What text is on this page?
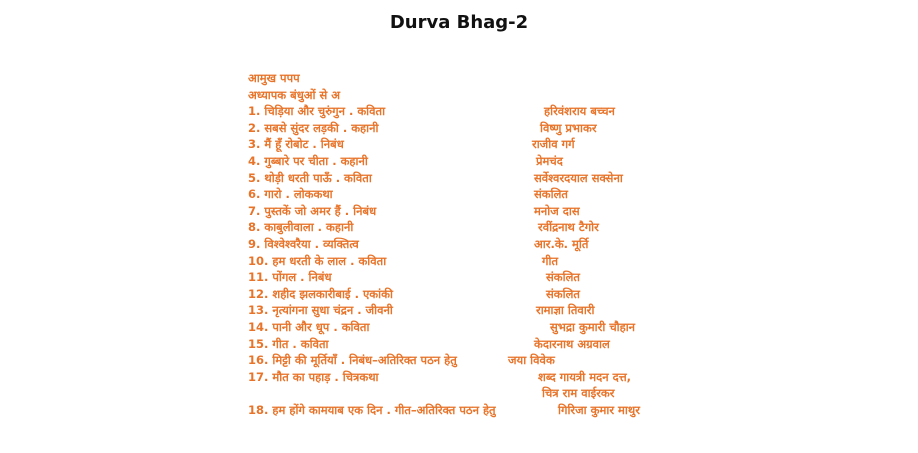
Durva Bhag-2
आमुख पपप
अध्यापक बंधुओं से अ
1. चिड़िया और चुरुंगुन . कविता	हरिवंशराय बच्चन
2. सबसे सुंदर लड़की . कहानी	विष्णु प्रभाकर
3. मैं हूँ रोबोट . निबंध	राजीव गर्ग
4. गुब्बारे पर चीता . कहानी	प्रेमचंद
5. थोड़ी धरती पाऊँ . कविता	सर्वेश्वरदयाल सक्सेना
6. गारो . लोककथा	संकलित
7. पुस्तकें जो अमर हैं . निबंध	मनोज दास
8. काबुलीवाला . कहानी	रवींद्रनाथ टैगोर
9. विश्वेश्वरैया . व्यक्तित्व	आर.के. मूर्ति
10. हम धरती के लाल . कविता	गीत
11. पोंगल . निबंध	संकलित
12. शहीद झलकारीबाई . एकांकी	संकलित
13. नृत्यांगना सुधा चंद्रन . जीवनी	रामाज्ञा तिवारी
14. पानी और धूप . कविता	सुभद्रा कुमारी चौहान
15. गीत . कविता	केदारनाथ अग्रवाल
16. मिट्टी की मूर्तियाँ . निबंध–अतिरिक्त पठन हेतु	जया विवेक
17. मौत का पहाड़ . चित्रकथा	शब्द गायत्री मदन दत्त,
चित्र राम वाईरकर
18. हम होंगे कामयाब एक दिन . गीत–अतिरिक्त पठन हेतु	गिरिजा कुमार माथुर
